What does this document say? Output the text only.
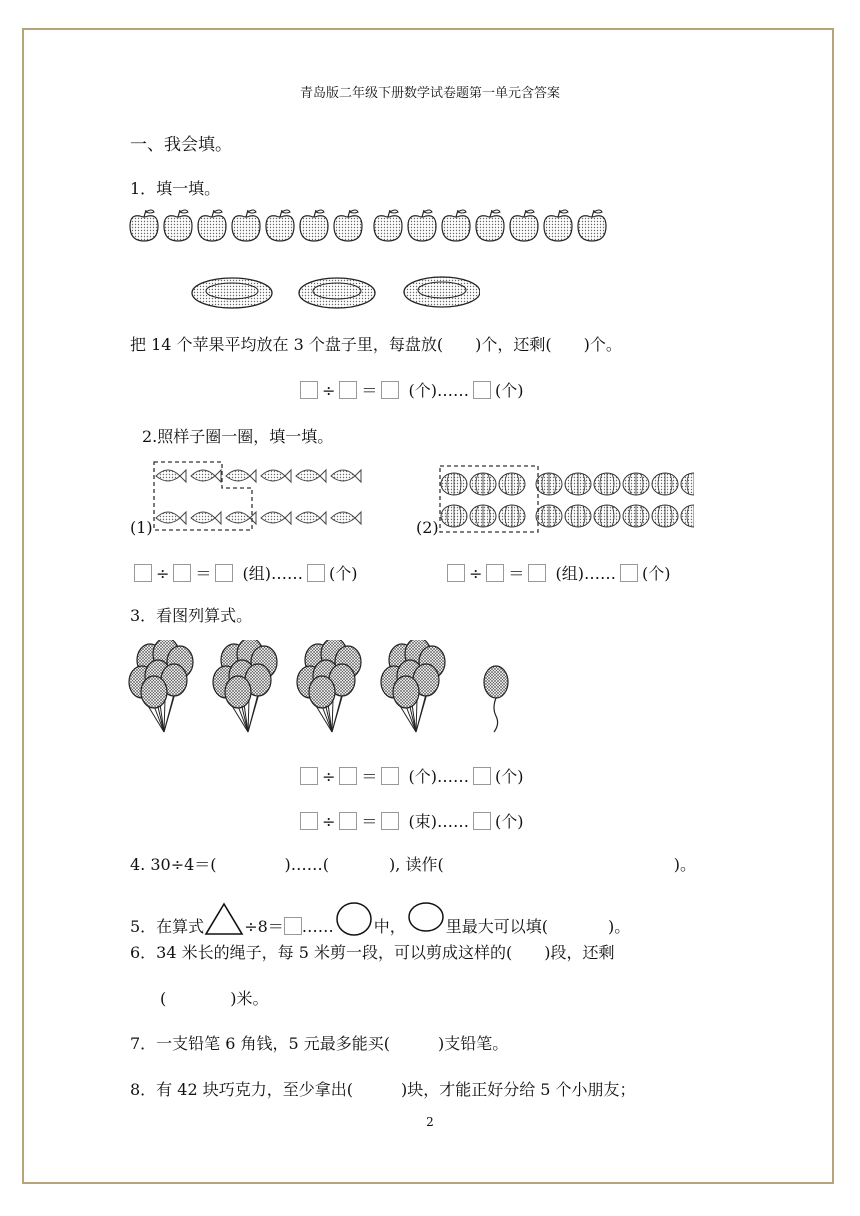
青岛版二年级下册数学试卷题第一单元含答案
一、我会填。
1．填一填。
把 14 个苹果平均放在 3 个盘子里，每盘放(　　)个，还剩(　　)个。
÷ ＝ (个)…… (个)
2.照样子圈一圈，填一填。
(1)	(2)
÷ ＝ (组)…… (个)	÷ ＝ (组)…… (个)
3．看图列算式。
÷ ＝ (个)…… (个)
÷ ＝ (束)…… (个)
4. 30÷4＝(	)……(	), 读作(	)。
5．在算式	÷8＝ ……	中，	里最大可以填(	)。
6．34 米长的绳子，每 5 米剪一段，可以剪成这样的(　　)段，还剩
(　　　　)米。
7．一支铅笔 6 角钱，5 元最多能买(　　　)支铅笔。
8．有 42 块巧克力，至少拿出(　　　)块，才能正好分给 5 个小朋友；
2
